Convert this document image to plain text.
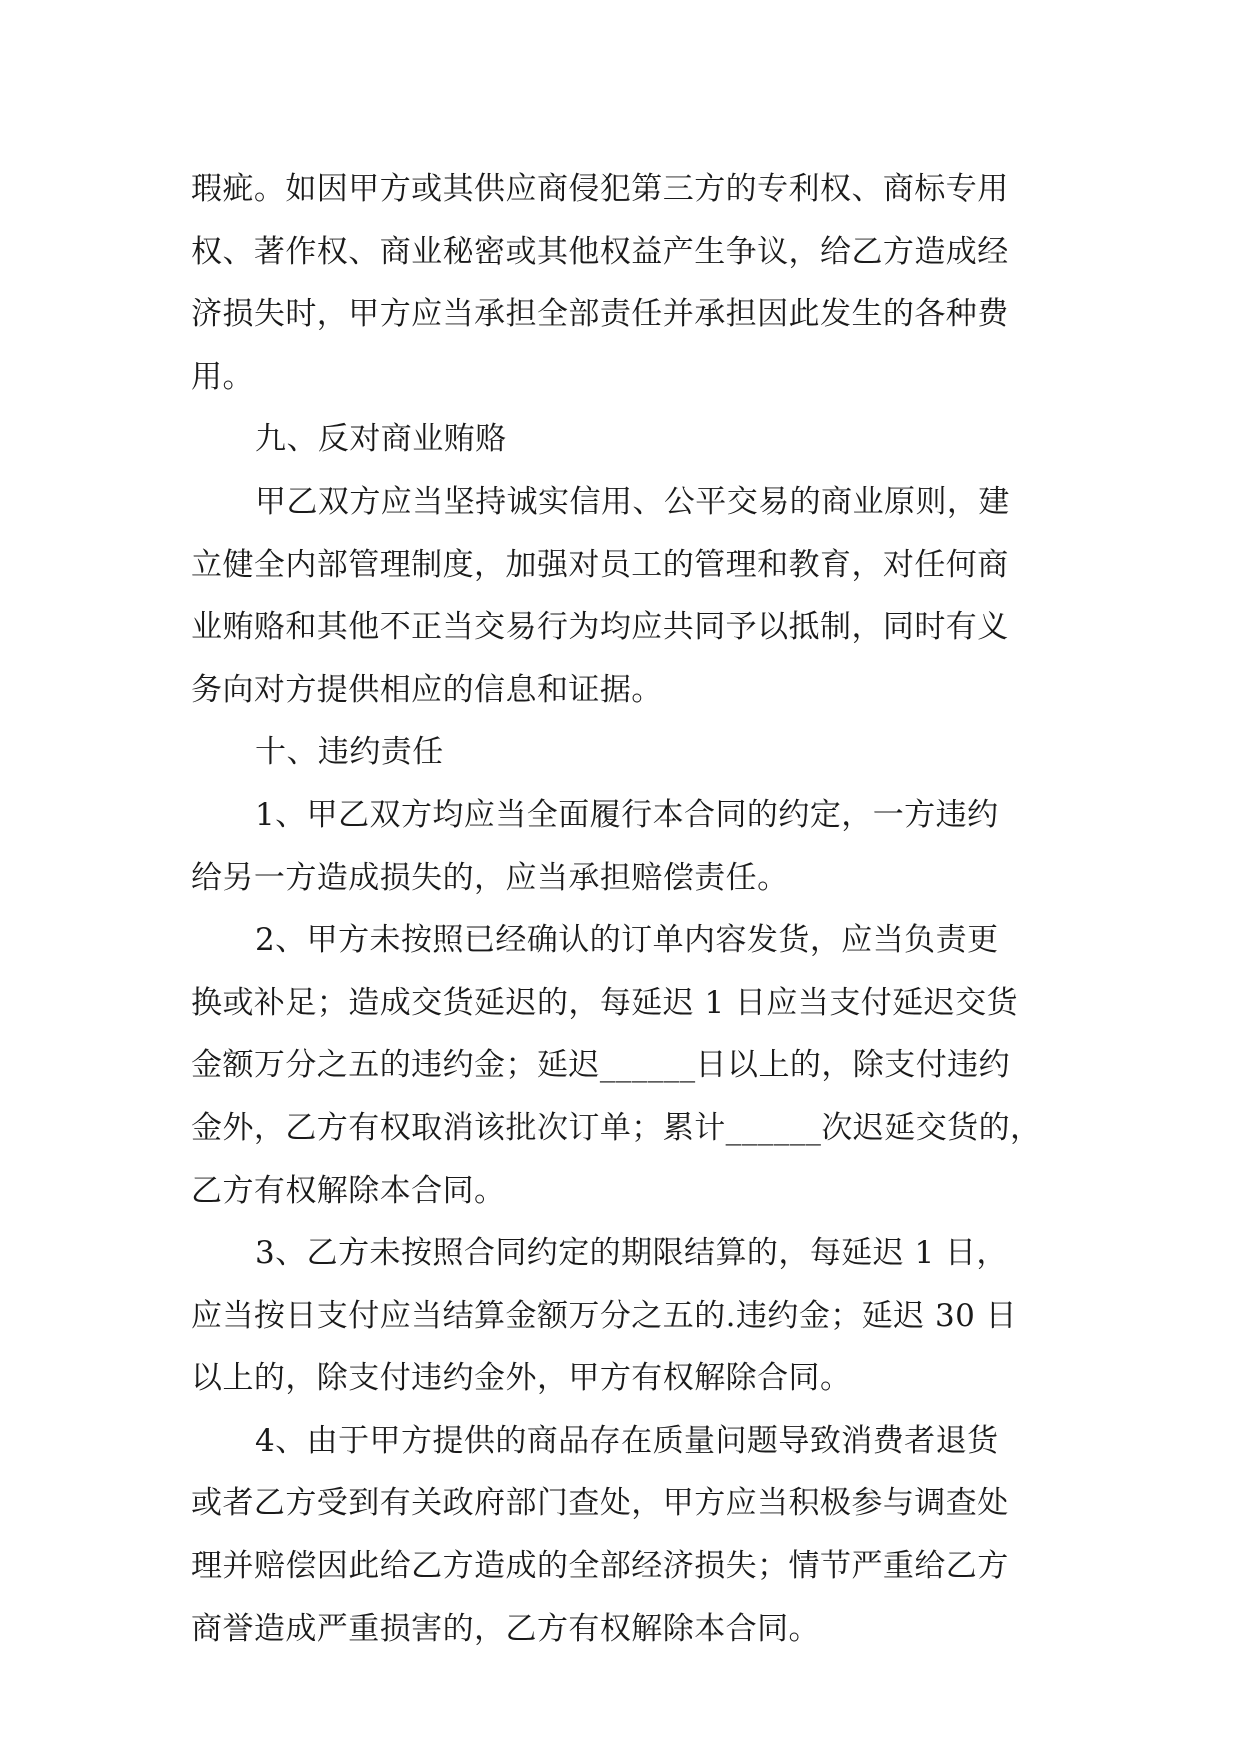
瑕疵。如因甲方或其供应商侵犯第三方的专利权、商标专用
权、著作权、商业秘密或其他权益产生争议，给乙方造成经
济损失时，甲方应当承担全部责任并承担因此发生的各种费
用。
九、反对商业贿赂
甲乙双方应当坚持诚实信用、公平交易的商业原则，建
立健全内部管理制度，加强对员工的管理和教育，对任何商
业贿赂和其他不正当交易行为均应共同予以抵制，同时有义
务向对方提供相应的信息和证据。
十、违约责任
1、甲乙双方均应当全面履行本合同的约定，一方违约
给另一方造成损失的，应当承担赔偿责任。
2、甲方未按照已经确认的订单内容发货，应当负责更
换或补足；造成交货延迟的，每延迟 1 日应当支付延迟交货
金额万分之五的违约金；延迟______日以上的，除支付违约
金外，乙方有权取消该批次订单；累计______次迟延交货的，
乙方有权解除本合同。
3、乙方未按照合同约定的期限结算的，每延迟 1 日，
应当按日支付应当结算金额万分之五的.违约金；延迟 30 日
以上的，除支付违约金外，甲方有权解除合同。
4、由于甲方提供的商品存在质量问题导致消费者退货
或者乙方受到有关政府部门查处，甲方应当积极参与调查处
理并赔偿因此给乙方造成的全部经济损失；情节严重给乙方
商誉造成严重损害的，乙方有权解除本合同。
